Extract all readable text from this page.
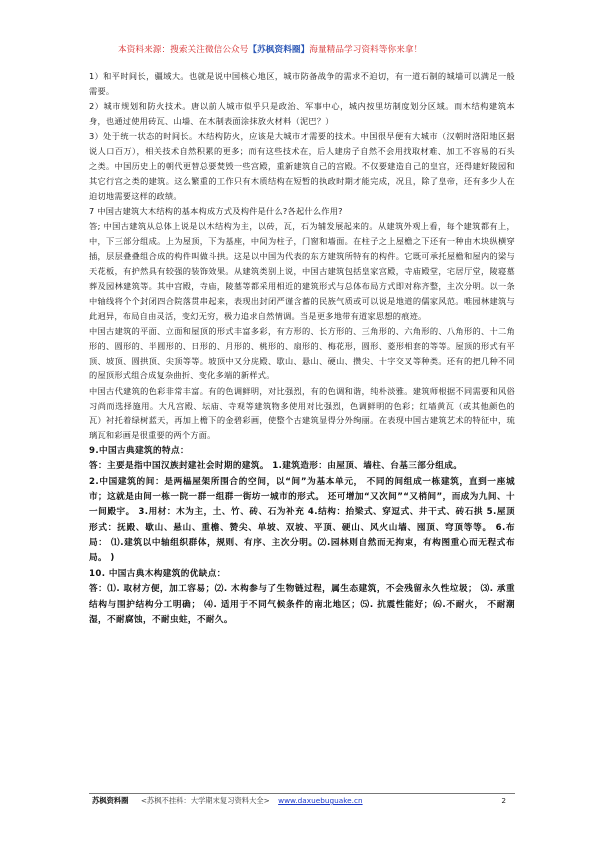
本资料来源：搜索关注微信公众号【苏枫资料圈】海量精品学习资料等你来拿！

1）和平时间长，疆域大。也就是说中国核心地区，城市防备战争的需求不迫切，有一道石制的城墙可以满足一般需要。

2）城市规划和防火技术。唐以前人城市似乎只是政治、军事中心，城内按里坊制度划分区域。而木结构建筑本身，也通过使用砖瓦、山墙、在木制表面涂抹放火材料（泥巴？）

3）处于统一状态的时间长。木结构防火，应该是大城市才需要的技术。中国很早便有大城市（汉朝时洛阳地区据说人口百万），相关技术自然积累的更多；而有这些技术在，后人建房子自然不会用找取材难、加工不容易的石头之类。中国历史上的朝代更替总要焚毁一些宫殿，重新建筑自己的宫殿。不仅要建造自己的皇宫，还得建好陵园和其它行宫之类的建筑。这么繁重的工作只有木质结构在短暂的执政时期才能完成，况且，除了皇帝，还有多少人在迫切地需要这样的政绩。

7 中国古建筑大木结构的基本构成方式及构件是什么?各起什么作用?

答; 中国古建筑从总体上说是以木结构为主，以砖，瓦，石为辅发展起来的。从建筑外观上看，每个建筑都有上，中，下三部分组成。上为屋顶，下为基座，中间为柱子，门窗和墙面。在柱子之上屋檐之下还有一种由木块纵横穿插，层层叠叠组合成的构件叫做斗拱。这是以中国为代表的东方建筑所特有的构件。它既可承托屋檐和屋内的梁与天花板，有护然具有较强的装饰效果。从建筑类别上说，中国古建筑包括皇家宫殿，寺庙殿堂，宅居厅堂，陵寝墓葬及园林建筑等。其中宫殿，寺庙，陵墓等都采用相近的建筑形式与总体布局方式即对称齐整，主次分明。以一条中轴线将个个封闭四合院落贯串起来，表现出封闭严谨含蓄的民族气质或可以说是地道的儒家风范。唯园林建筑与此迥异，布局自由灵活，变幻无穷，极力追求自然情调。当是更多地带有道家思想的痕迹。

中国古建筑的平面、立面和屋顶的形式丰富多彩，有方形的、长方形的、三角形的、六角形的、八角形的、十二角形的、圆形的、半圆形的、日形的、月形的、桃形的、扇形的、梅花形，圆形、菱形相套的等等。屋顶的形式有平顶、坡顶、圆拱顶、尖顶等等。坡顶中又分庑殿、歇山、悬山、硬山、攒尖、十字交叉等种类。还有的把几种不同的屋顶形式组合成复杂曲折、变化多端的新样式。

中国古代建筑的色彩非常丰富。有的色调鲜明，对比强烈，有的色调和谐，纯朴淡雅。建筑师根据不同需要和风俗习尚而选择施用。大凡宫殿、坛庙、寺观等建筑物多使用对比强烈，色调鲜明的色彩；红墙黄瓦（或其他颜色的瓦）衬托着绿树蓝天，再加上檐下的金碧彩画，使整个古建筑显得分外绚丽。在表现中国古建筑艺术的特征中，琉璃瓦和彩画是很重要的两个方面。

9.中国古典建筑的特点：

答：主要是指中国汉族封建社会时期的建筑。 1.建筑造形：由屋顶、墙柱、台基三部分组成。

2.中国建筑的间：是两榀屋架所围合的空间，以“间”为基本单元， 不同的间组成一栋建筑，直到一座城市；这就是由间一栋一院一群一组群一街坊一城市的形式。 还可增加“又次间”“又梢间”，而成为九间、十一间殿宇。 3.用材：木为主，土、竹、砖、石为补充 4.结构：抬梁式、穿逗式、井干式、砖石拱 5.屋顶形式：抚殿、歇山、悬山、重檐、赞尖、单坡、双坡、平顶、硬山、风火山墙、囤顶、穹顶等等。 6.布局： ⑴.建筑以中轴组织群体，规则、有序、主次分明。⑵.园林则自然而无拘束，有构图重心而无程式布局。 )

10. 中国古典木构建筑的优缺点：

答：⑴. 取材方便，加工容易；⑵. 木构参与了生物链过程，属生态建筑，不会残留永久性垃圾； ⑶. 承重结构与围护结构分工明确； ⑷. 适用于不同气候条件的南北地区；⑸. 抗震性能好；⑹.不耐火， 不耐潮湿，不耐腐蚀，不耐虫蛀，不耐久。

苏枫资料圈 <苏枫不挂科：大学期末复习资料大全> www.daxuebuguake.cn	2
